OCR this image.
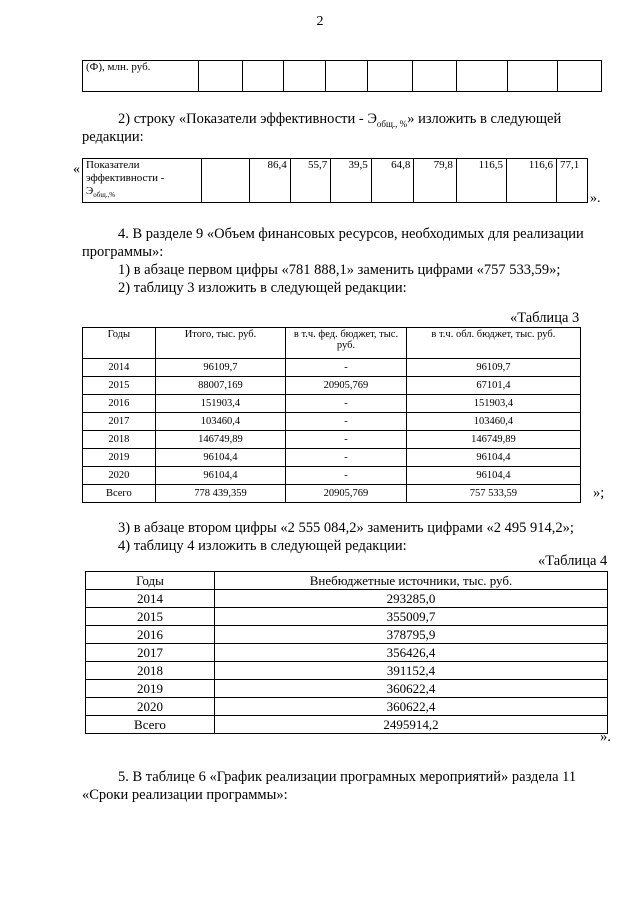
2
(Ф), млн. руб.									
2) строку «Показатели эффективности - $Э_{общ., \%}$» изложить в следующей
редакции:
« Показатели
эффективности -
$Э_{общ.,\%}$
		86,4	55,7	39,5	64,8	79,8	116,5	116,6	77,1
».
4. В разделе 9 «Объем финансовых ресурсов, необходимых для реализации
программы»:
1) в абзаце первом цифры «781 888,1» заменить цифрами «757 533,59»;
2) таблицу 3 изложить в следующей редакции:
«Таблица 3
Годы	Итого, тыс. руб.	в т.ч. фед. бюджет, тыс. руб.	в т.ч. обл. бюджет, тыс. руб.
2014	96109,7	-	96109,7
2015	88007,169	20905,769	67101,4
2016	151903,4	-	151903,4
2017	103460,4	-	103460,4
2018	146749,89	-	146749,89
2019	96104,4	-	96104,4
2020	96104,4	-	96104,4
Всего	778 439,359	20905,769	757 533,59	»;
3) в абзаце втором цифры «2 555 084,2» заменить цифрами «2 495 914,2»;
4) таблицу 4 изложить в следующей редакции:
«Таблица 4
Годы	Внебюджетные источники, тыс. руб.
2014	293285,0
2015	355009,7
2016	378795,9
2017	356426,4
2018	391152,4
2019	360622,4
2020	360622,4
Всего	2495914,2
».
5. В таблице 6 «График реализации програмных мероприятий» раздела 11
«Сроки реализации программы»:
